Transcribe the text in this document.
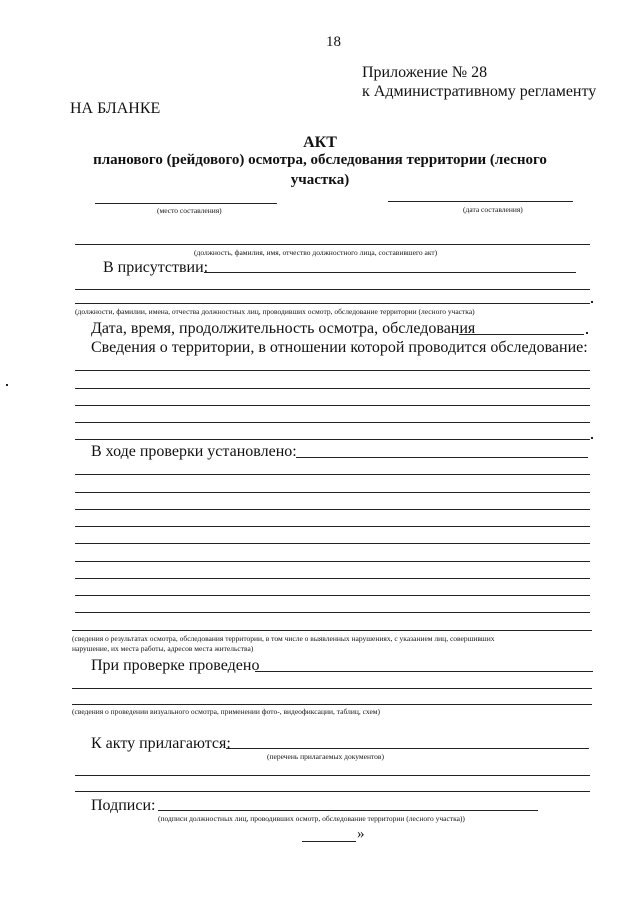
18
Приложение № 28
к Административному регламенту
НА БЛАНКЕ
АКТ
планового (рейдового) осмотра, обследования территории (лесного
участка)
(место составления)	(дата составления)
(должность, фамилия, имя, отчество должностного лица, составившего акт)
В присутствии:
(должности, фамилии, имена, отчества должностных лиц, проводивших осмотр, обследование территории (лесного участка)
Дата, время, продолжительность осмотра, обследования
Сведения о территории, в отношении которой проводится обследование:
В ходе проверки установлено:
(сведения о результатах осмотра, обследования территории, в том числе о выявленных нарушениях, с указанием лиц, совершивших
нарушение, их места работы, адресов места жительства)
При проверке проведено
(сведения о проведении визуального осмотра, применении фото-, видеофиксации, таблиц, схем)
К акту прилагаются:
(перечень прилагаемых документов)
Подписи:
(подписи должностных лиц, проводивших осмотр, обследование территории (лесного участка))
»
